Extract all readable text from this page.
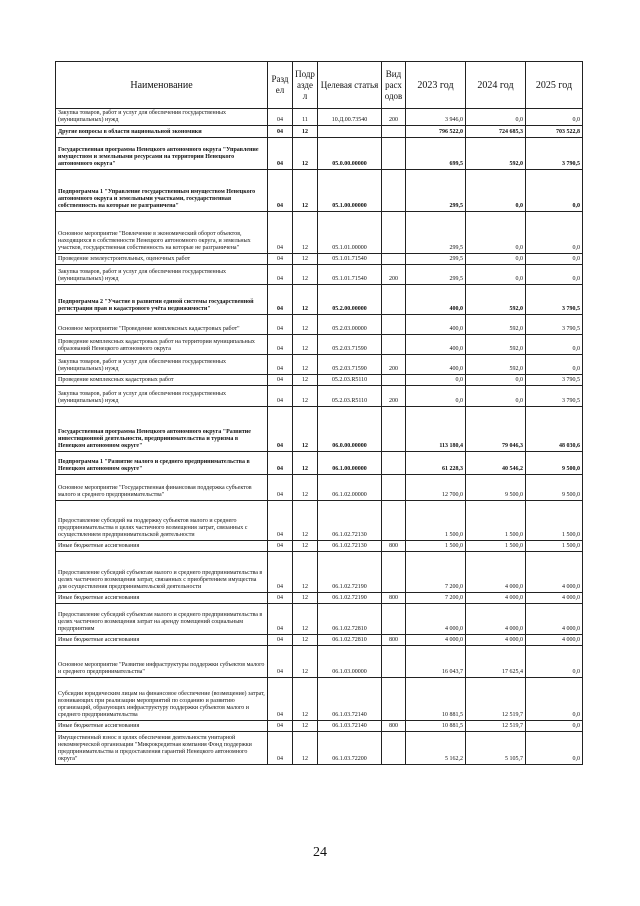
Наименование	Разд ел	Подр азде л	Целевая статья	Вид расх одов	2023 год	2024 год	2025 год
Закупка товаров, работ и услуг для обеспечения государственных (муниципальных) нужд	04	11	10.Д.00.73540	200	3 946,0	0,0	0,0
Другие вопросы в области национальной экономики	04	12			796 522,0	724 685,3	703 522,8
Государственная программа Ненецкого автономного округа "Управление имуществом и земельными ресурсами на территории Ненецкого автономного округа"	04	12	05.0.00.00000		699,5	592,0	3 790,5
Подпрограмма 1 "Управление государственным имуществом Ненецкого автономного округа и земельными участками, государственная собственность на которые не разграничена"	04	12	05.1.00.00000		299,5	0,0	0,0
Основное мероприятие "Вовлечение в экономический оборот объектов, находящихся в собственности Ненецкого автономного округа, и земельных участков, государственная собственность на которые не разграничена"	04	12	05.1.01.00000		299,5	0,0	0,0
Проведение землеустроительных, оценочных работ	04	12	05.1.01.71540		299,5	0,0	0,0
Закупка товаров, работ и услуг для обеспечения государственных (муниципальных) нужд	04	12	05.1.01.71540	200	299,5	0,0	0,0
Подпрограмма 2 "Участие в развитии единой системы государственной регистрации прав и кадастрового учёта недвижимости"	04	12	05.2.00.00000		400,0	592,0	3 790,5
Основное мероприятие "Проведение комплексных кадастровых работ"	04	12	05.2.03.00000		400,0	592,0	3 790,5
Проведение комплексных кадастровых работ на территории муниципальных образований Ненецкого автономного округа	04	12	05.2.03.71590		400,0	592,0	0,0
Закупка товаров, работ и услуг для обеспечения государственных (муниципальных) нужд	04	12	05.2.03.71590	200	400,0	592,0	0,0
Проведение комплексных кадастровых работ	04	12	05.2.03.R5110		0,0	0,0	3 790,5
Закупка товаров, работ и услуг для обеспечения государственных (муниципальных) нужд	04	12	05.2.03.R5110	200	0,0	0,0	3 790,5
Государственная программа Ненецкого автономного округа "Развитие инвестиционной деятельности, предпринимательства и туризма в Ненецком автономном округе"	04	12	06.0.00.00000		113 180,4	79 046,3	48 030,6
Подпрограмма 1 "Развитие малого и среднего предпринимательства в Ненецком автономном округе"	04	12	06.1.00.00000		61 228,3	40 546,2	9 500,0
Основное мероприятие "Государственная финансовая поддержка субъектов малого и среднего предпринимательства"	04	12	06.1.02.00000		12 700,0	9 500,0	9 500,0
Предоставление субсидий на поддержку субъектов малого и среднего предпринимательства в целях частичного возмещения затрат, связанных с осуществлением предпринимательской деятельности	04	12	06.1.02.72130		1 500,0	1 500,0	1 500,0
Иные бюджетные ассигнования	04	12	06.1.02.72130	800	1 500,0	1 500,0	1 500,0
Предоставление субсидий субъектам малого и среднего предпринимательства в целях частичного возмещения затрат, связанных с приобретением имущества для осуществления предпринимательской деятельности	04	12	06.1.02.72190		7 200,0	4 000,0	4 000,0
Иные бюджетные ассигнования	04	12	06.1.02.72190	800	7 200,0	4 000,0	4 000,0
Предоставление субсидий субъектам малого и среднего предпринимательства в целях частичного возмещения затрат на аренду помещений социальным предприятиям	04	12	06.1.02.72810		4 000,0	4 000,0	4 000,0
Иные бюджетные ассигнования	04	12	06.1.02.72810	800	4 000,0	4 000,0	4 000,0
Основное мероприятие "Развитие инфраструктуры поддержки субъектов малого и среднего предпринимательства"	04	12	06.1.03.00000		16 043,7	17 625,4	0,0
Субсидии юридическим лицам на финансовое обеспечение (возмещение) затрат, возникающих при реализации мероприятий по созданию и развитию организаций, образующих инфраструктуру поддержки субъектов малого и среднего предпринимательства	04	12	06.1.03.72140		10 881,5	12 519,7	0,0
Иные бюджетные ассигнования	04	12	06.1.03.72140	800	10 881,5	12 519,7	0,0
Имущественный взнос в целях обеспечения деятельности унитарной некоммерческой организации "Микрокредитная компания Фонд поддержки предпринимательства и предоставления гарантий Ненецкого автономного округа"	04	12	06.1.03.72200		5 162,2	5 105,7	0,0
24
